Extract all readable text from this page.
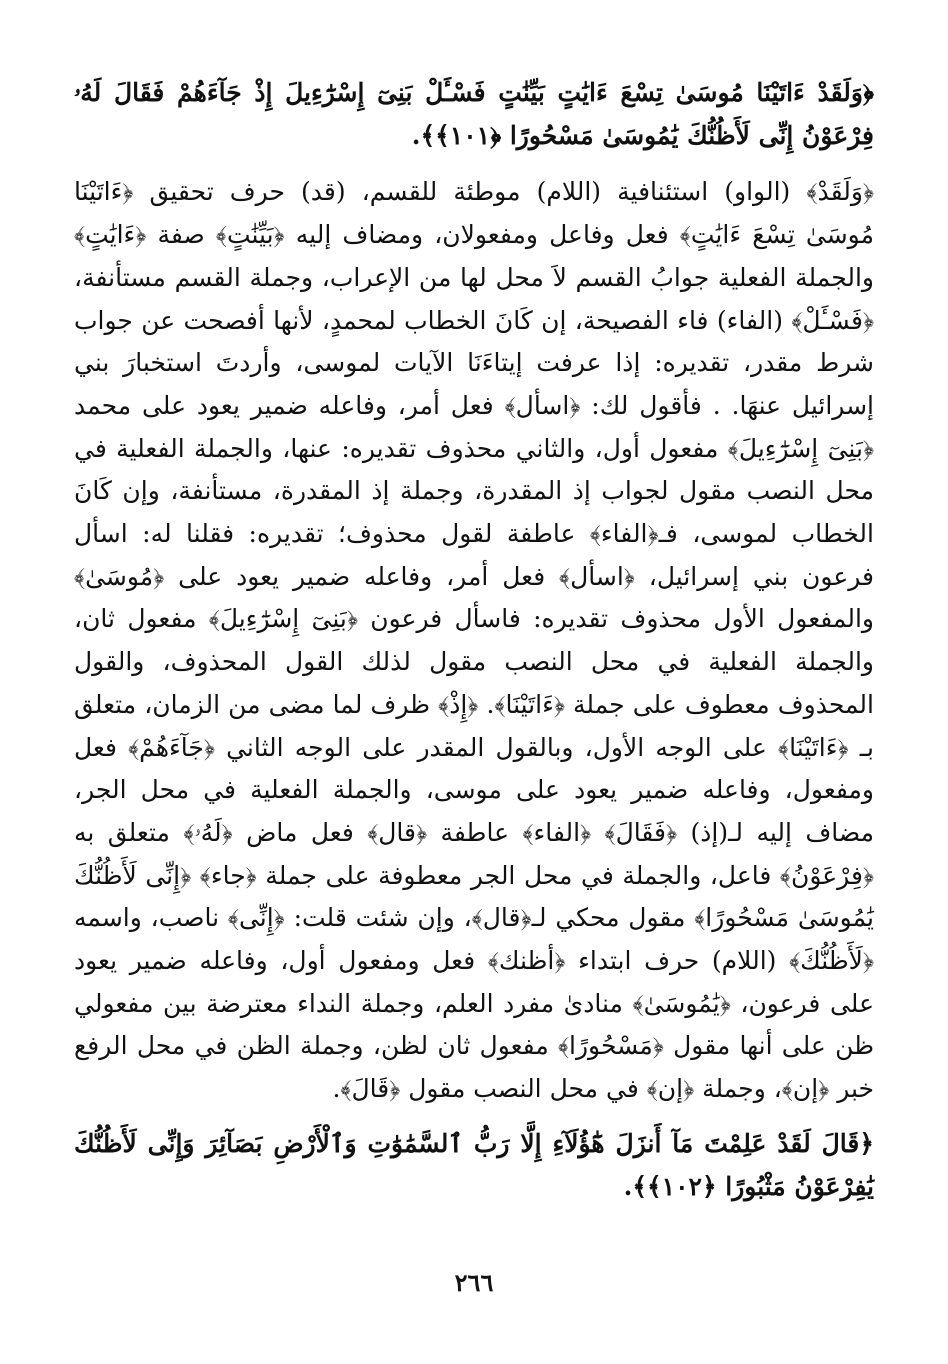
﴿وَلَقَدْ ءَاتَيْنَا مُوسَىٰ تِسْعَ ءَايَٰتٍ بَيِّنَٰتٍ فَسْـَٔلْ بَنِىٓ إِسْرَٰٓءِيلَ إِذْ جَآءَهُمْ فَقَالَ لَهُۥ فِرْعَوْنُ إِنِّى لَأَظُنُّكَ يَٰمُوسَىٰ مَسْحُورًا ﴿١٠١﴾﴾.

﴿وَلَقَدْ﴾ (الواو) استئنافية (اللام) موطئة للقسم، (قد) حرف تحقيق ﴿ءَاتَيْنَا مُوسَىٰ تِسْعَ ءَايَٰتٍ﴾ فعل وفاعل ومفعولان، ومضاف إليه ﴿بَيِّنَٰتٍ﴾ صفة ﴿ءَايَٰتٍ﴾ والجملة الفعلية جوابُ القسم لاَ محل لها من الإعراب، وجملة القسم مستأنفة، ﴿فَسْـَٔلْ﴾ (الفاء) فاء الفصيحة، إن كَانَ الخطاب لمحمدٍ، لأنها أفصحت عن جواب شرط مقدر، تقديره: إذا عرفت إيتاءَنَا الآيات لموسى، وأردتَ استخبارَ بني إسرائيل عنهَا. . فأقول لك: ﴿اسأل﴾ فعل أمر، وفاعله ضمير يعود على محمد ﴿بَنِىٓ إِسْرَٰٓءِيلَ﴾ مفعول أول، والثاني محذوف تقديره: عنها، والجملة الفعلية في محل النصب مقول لجواب إذ المقدرة، وجملة إذ المقدرة، مستأنفة، وإن كَانَ الخطاب لموسى، فـ﴿الفاء﴾ عاطفة لقول محذوف؛ تقديره: فقلنا له: اسأل فرعون بني إسرائيل، ﴿اسأل﴾ فعل أمر، وفاعله ضمير يعود على ﴿مُوسَىٰ﴾ والمفعول الأول محذوف تقديره: فاسأل فرعون ﴿بَنِىٓ إِسْرَٰٓءِيلَ﴾ مفعول ثان، والجملة الفعلية في محل النصب مقول لذلك القول المحذوف، والقول المحذوف معطوف على جملة ﴿ءَاتَيْنَا﴾. ﴿إِذْ﴾ ظرف لما مضى من الزمان، متعلق بـ ﴿ءَاتَيْنَا﴾ على الوجه الأول، وبالقول المقدر على الوجه الثاني ﴿جَآءَهُمْ﴾ فعل ومفعول، وفاعله ضمير يعود على موسى، والجملة الفعلية في محل الجر، مضاف إليه لـ(إذ) ﴿فَقَالَ﴾ ﴿الفاء﴾ عاطفة ﴿قال﴾ فعل ماض ﴿لَهُۥ﴾ متعلق به ﴿فِرْعَوْنُ﴾ فاعل، والجملة في محل الجر معطوفة على جملة ﴿جاء﴾ ﴿إِنِّى لَأَظُنُّكَ يَٰمُوسَىٰ مَسْحُورًا﴾ مقول محكي لـ﴿قال﴾، وإن شئت قلت: ﴿إِنِّى﴾ ناصب، واسمه ﴿لَأَظُنُّكَ﴾ (اللام) حرف ابتداء ﴿أظنك﴾ فعل ومفعول أول، وفاعله ضمير يعود على فرعون، ﴿يَٰمُوسَىٰ﴾ منادىٰ مفرد العلم، وجملة النداء معترضة بين مفعولي ظن على أنها مقول ﴿مَسْحُورًا﴾ مفعول ثان لظن، وجملة الظن في محل الرفع خبر ﴿إن﴾، وجملة ﴿إن﴾ في محل النصب مقول ﴿قَالَ﴾.

﴿قَالَ لَقَدْ عَلِمْتَ مَآ أَنزَلَ هَٰٓؤُلَآءِ إِلَّا رَبُّ ٱلسَّمَٰوَٰتِ وَٱلْأَرْضِ بَصَآئِرَ وَإِنِّى لَأَظُنُّكَ يَٰفِرْعَوْنُ مَثْبُورًا ﴿١٠٢﴾﴾.

٢٦٦
